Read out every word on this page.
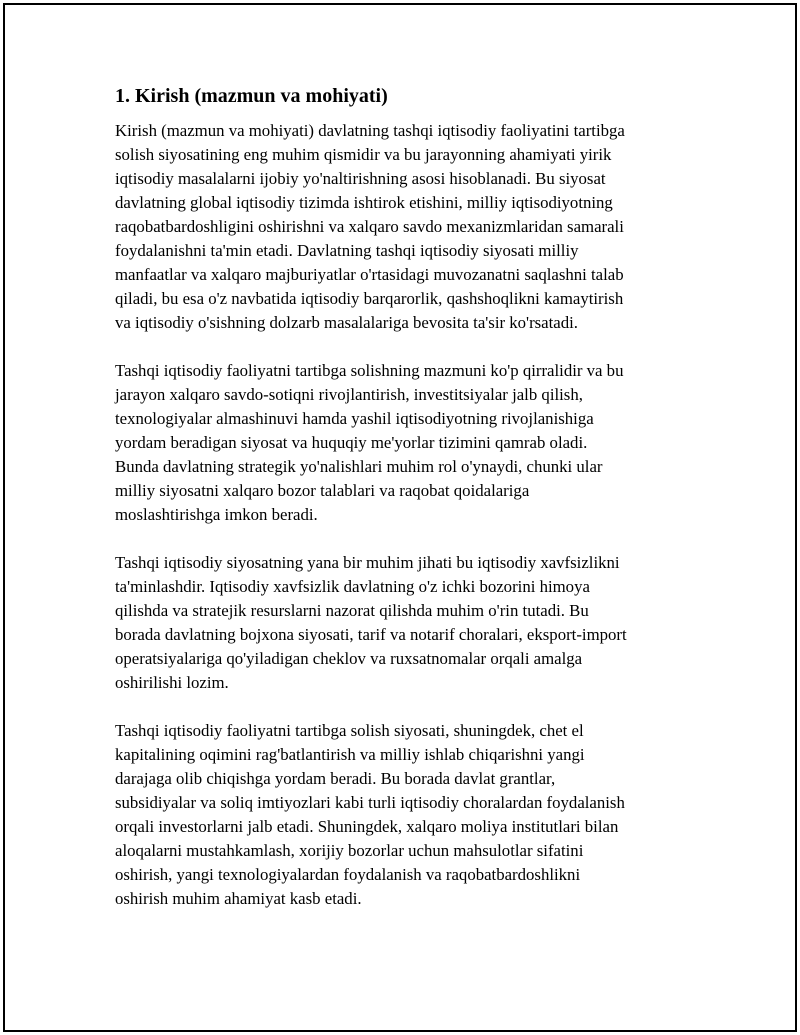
1. Kirish (mazmun va mohiyati)

Kirish (mazmun va mohiyati) davlatning tashqi iqtisodiy faoliyatini tartibga
solish siyosatining eng muhim qismidir va bu jarayonning ahamiyati yirik
iqtisodiy masalalarni ijobiy yo'naltirishning asosi hisoblanadi. Bu siyosat
davlatning global iqtisodiy tizimda ishtirok etishini, milliy iqtisodiyotning
raqobatbardoshligini oshirishni va xalqaro savdo mexanizmlaridan samarali
foydalanishni ta'min etadi. Davlatning tashqi iqtisodiy siyosati milliy
manfaatlar va xalqaro majburiyatlar o'rtasidagi muvozanatni saqlashni talab
qiladi, bu esa o'z navbatida iqtisodiy barqarorlik, qashshoqlikni kamaytirish
va iqtisodiy o'sishning dolzarb masalalariga bevosita ta'sir ko'rsatadi.

Tashqi iqtisodiy faoliyatni tartibga solishning mazmuni ko'p qirralidir va bu
jarayon xalqaro savdo-sotiqni rivojlantirish, investitsiyalar jalb qilish,
texnologiyalar almashinuvi hamda yashil iqtisodiyotning rivojlanishiga
yordam beradigan siyosat va huquqiy me'yorlar tizimini qamrab oladi.
Bunda davlatning strategik yo'nalishlari muhim rol o'ynaydi, chunki ular
milliy siyosatni xalqaro bozor talablari va raqobat qoidalariga
moslashtirishga imkon beradi.

Tashqi iqtisodiy siyosatning yana bir muhim jihati bu iqtisodiy xavfsizlikni
ta'minlashdir. Iqtisodiy xavfsizlik davlatning o'z ichki bozorini himoya
qilishda va stratejik resurslarni nazorat qilishda muhim o'rin tutadi. Bu
borada davlatning bojxona siyosati, tarif va notarif choralari, eksport-import
operatsiyalariga qo'yiladigan cheklov va ruxsatnomalar orqali amalga
oshirilishi lozim.

Tashqi iqtisodiy faoliyatni tartibga solish siyosati, shuningdek, chet el
kapitalining oqimini rag'batlantirish va milliy ishlab chiqarishni yangi
darajaga olib chiqishga yordam beradi. Bu borada davlat grantlar,
subsidiyalar va soliq imtiyozlari kabi turli iqtisodiy choralardan foydalanish
orqali investorlarni jalb etadi. Shuningdek, xalqaro moliya institutlari bilan
aloqalarni mustahkamlash, xorijiy bozorlar uchun mahsulotlar sifatini
oshirish, yangi texnologiyalardan foydalanish va raqobatbardoshlikni
oshirish muhim ahamiyat kasb etadi.
